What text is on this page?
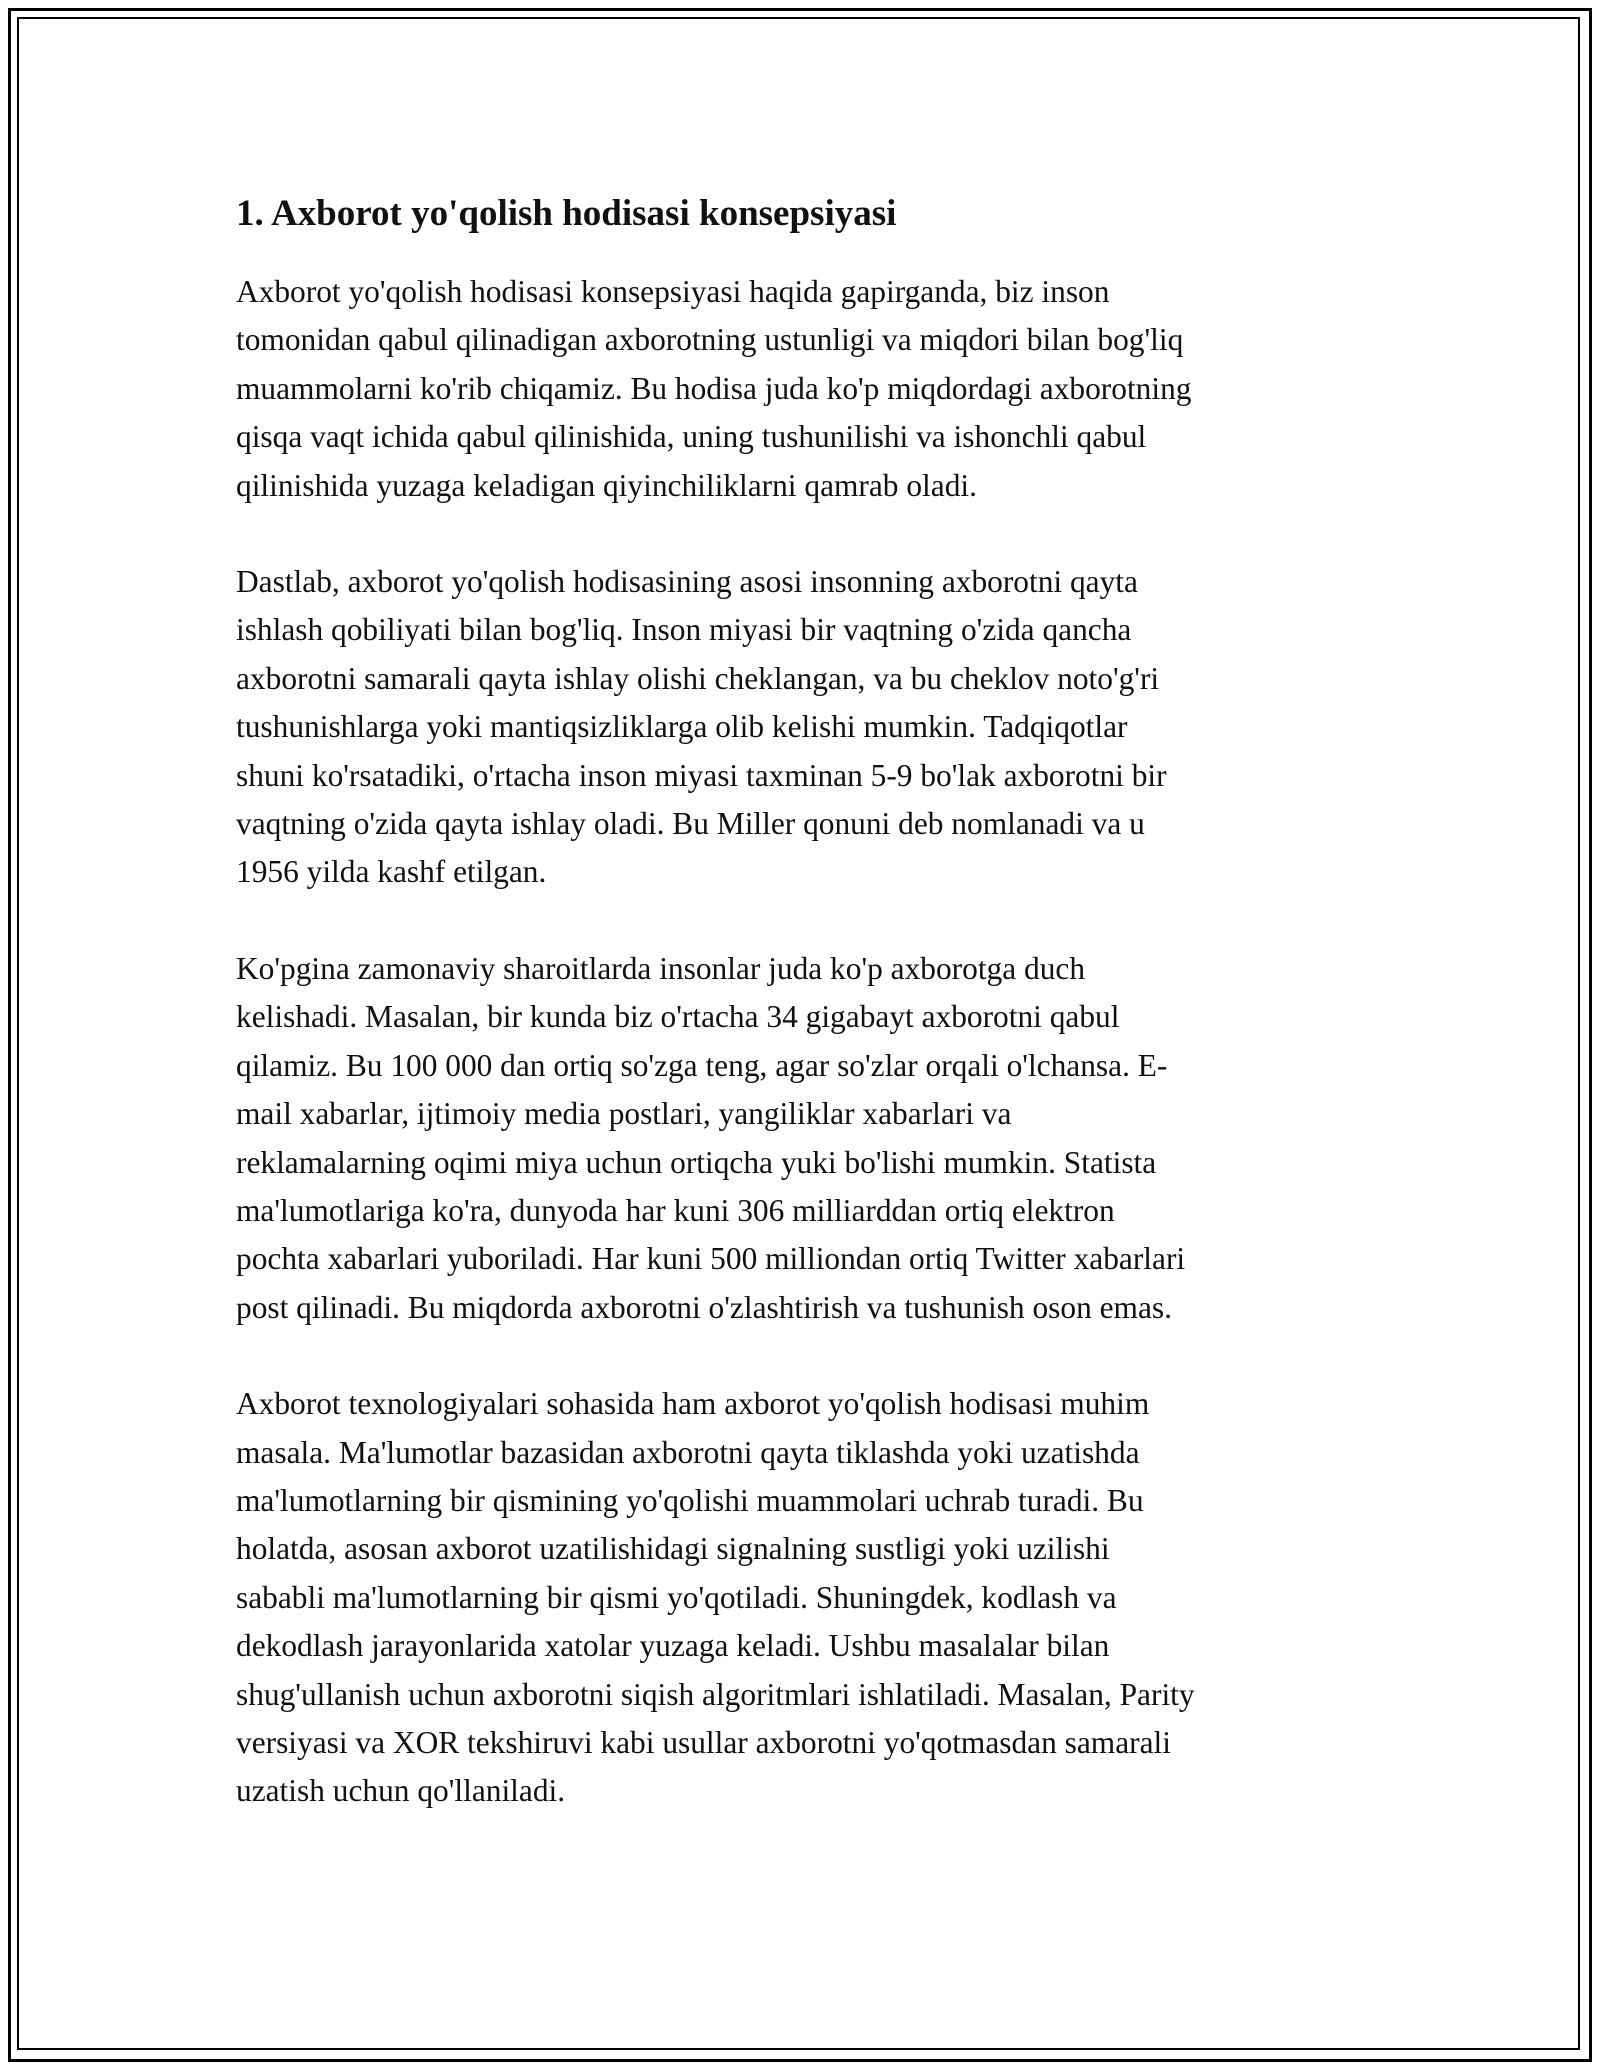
1. Axborot yo'qolish hodisasi konsepsiyasi

Axborot yo'qolish hodisasi konsepsiyasi haqida gapirganda, biz inson
tomonidan qabul qilinadigan axborotning ustunligi va miqdori bilan bog'liq
muammolarni ko'rib chiqamiz. Bu hodisa juda ko'p miqdordagi axborotning
qisqa vaqt ichida qabul qilinishida, uning tushunilishi va ishonchli qabul
qilinishida yuzaga keladigan qiyinchiliklarni qamrab oladi.

Dastlab, axborot yo'qolish hodisasining asosi insonning axborotni qayta
ishlash qobiliyati bilan bog'liq. Inson miyasi bir vaqtning o'zida qancha
axborotni samarali qayta ishlay olishi cheklangan, va bu cheklov noto'g'ri
tushunishlarga yoki mantiqsizliklarga olib kelishi mumkin. Tadqiqotlar
shuni ko'rsatadiki, o'rtacha inson miyasi taxminan 5-9 bo'lak axborotni bir
vaqtning o'zida qayta ishlay oladi. Bu Miller qonuni deb nomlanadi va u
1956 yilda kashf etilgan.

Ko'pgina zamonaviy sharoitlarda insonlar juda ko'p axborotga duch
kelishadi. Masalan, bir kunda biz o'rtacha 34 gigabayt axborotni qabul
qilamiz. Bu 100 000 dan ortiq so'zga teng, agar so'zlar orqali o'lchansa. E-
mail xabarlar, ijtimoiy media postlari, yangiliklar xabarlari va
reklamalarning oqimi miya uchun ortiqcha yuki bo'lishi mumkin. Statista
ma'lumotlariga ko'ra, dunyoda har kuni 306 milliarddan ortiq elektron
pochta xabarlari yuboriladi. Har kuni 500 milliondan ortiq Twitter xabarlari
post qilinadi. Bu miqdorda axborotni o'zlashtirish va tushunish oson emas.

Axborot texnologiyalari sohasida ham axborot yo'qolish hodisasi muhim
masala. Ma'lumotlar bazasidan axborotni qayta tiklashda yoki uzatishda
ma'lumotlarning bir qismining yo'qolishi muammolari uchrab turadi. Bu
holatda, asosan axborot uzatilishidagi signalning sustligi yoki uzilishi
sababli ma'lumotlarning bir qismi yo'qotiladi. Shuningdek, kodlash va
dekodlash jarayonlarida xatolar yuzaga keladi. Ushbu masalalar bilan
shug'ullanish uchun axborotni siqish algoritmlari ishlatiladi. Masalan, Parity
versiyasi va XOR tekshiruvi kabi usullar axborotni yo'qotmasdan samarali
uzatish uchun qo'llaniladi.
